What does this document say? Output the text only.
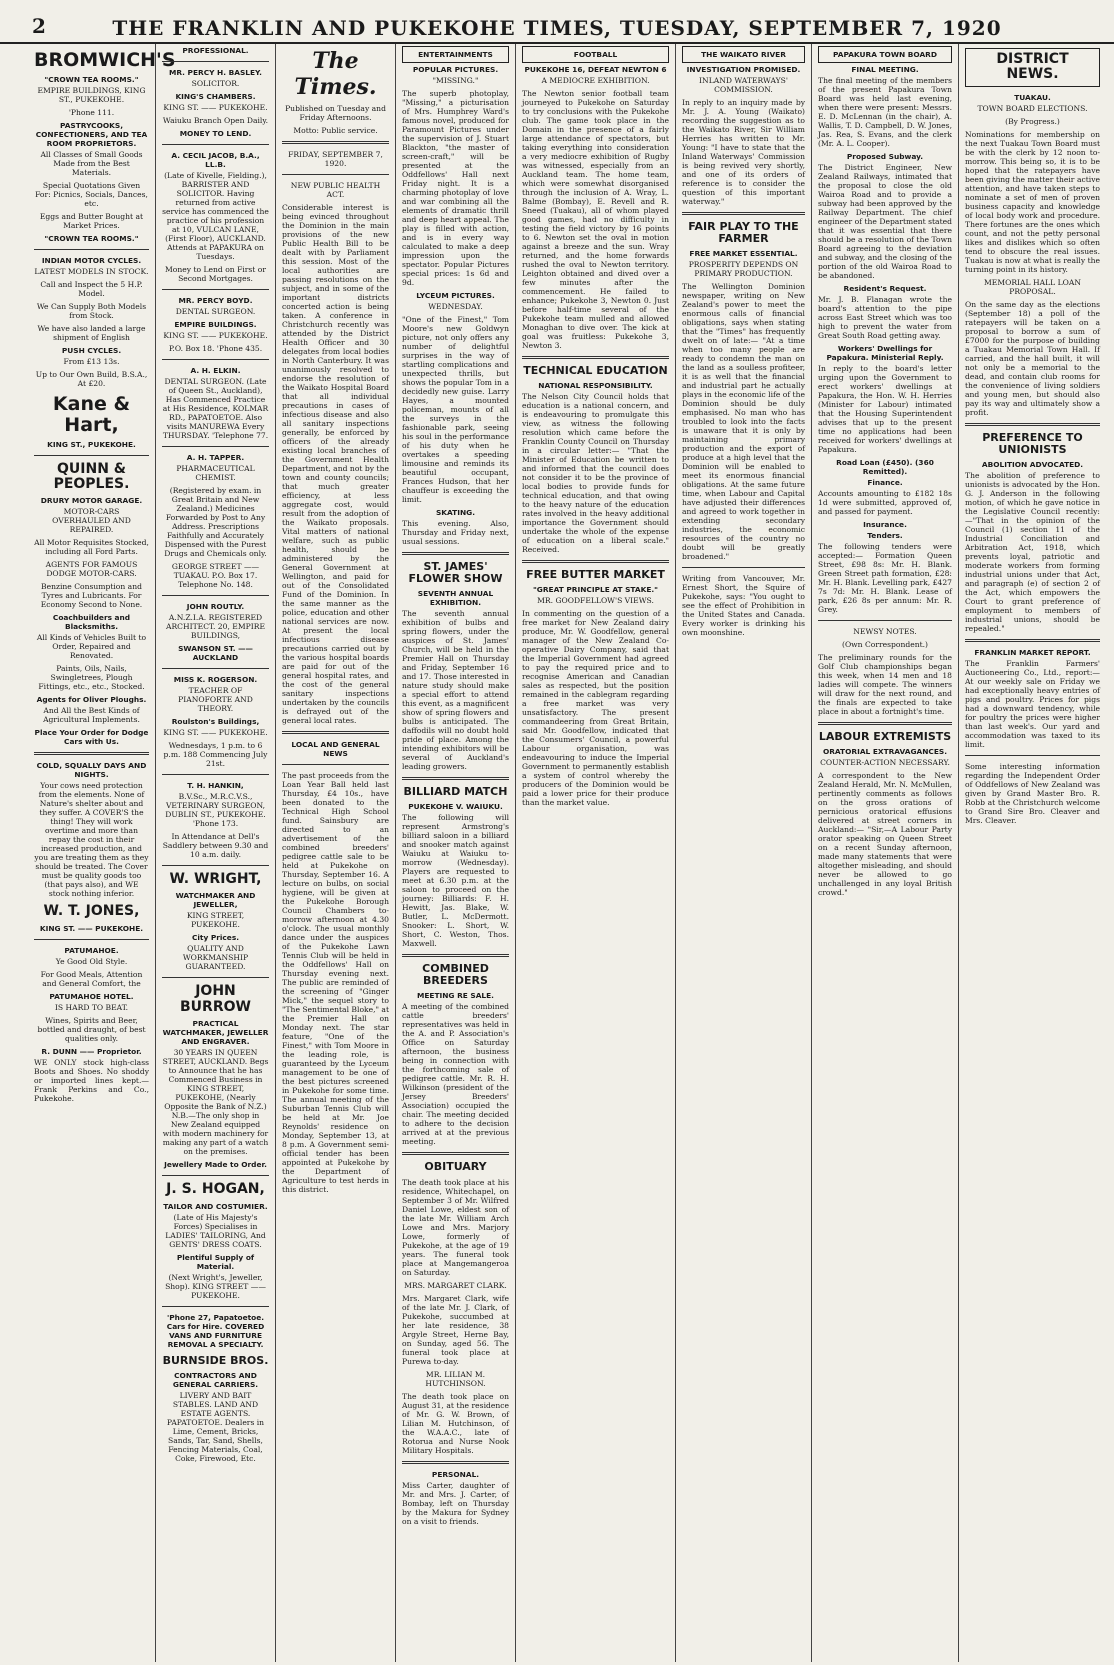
2	THE FRANKLIN AND PUKEKOHE TIMES, TUESDAY, SEPTEMBER 7, 1920
BROMWICH'S
"CROWN TEA ROOMS."

EMPIRE BUILDINGS, KING ST., PUKEKOHE.

'Phone 111.

PASTRYCOOKS, CONFECTIONERS, AND TEA ROOM PROPRIETORS.

All Classes of Small Goods Made from the Best Materials.

Special Quotations Given For: Picnics, Socials, Dances, etc.

Eggs and Butter Bought at Market Prices.

"CROWN TEA ROOMS."
INDIAN MOTOR CYCLES.

LATEST MODELS IN STOCK.

Call and Inspect the 5 H.P. Model.

We Can Supply Both Models from Stock.

We have also landed a large shipment of English

PUSH CYCLES.

From £13 13s.

Up to Our Own Build, B.S.A., At £20.

Kane & Hart,
KING ST., PUKEKOHE.
QUINN & PEOPLES.
DRURY MOTOR GARAGE.

MOTOR-CARS OVERHAULED AND REPAIRED.

All Motor Requisites Stocked, including all Ford Parts.

AGENTS FOR FAMOUS DODGE MOTOR-CARS.

Benzine Consumption and Tyres and Lubricants. For Economy Second to None.

Coachbuilders and Blacksmiths.

All Kinds of Vehicles Built to Order, Repaired and Renovated.

Paints, Oils, Nails, Swingletrees, Plough Fittings, etc., etc., Stocked.

Agents for Oliver Ploughs.

And All the Best Kinds of Agricultural Implements.

Place Your Order for Dodge Cars with Us.
COLD, SQUALLY DAYS AND NIGHTS.

Your cows need protection from the elements. None of Nature's shelter about and they suffer. A COVER'S the thing! They will work overtime and more than repay the cost in their increased production, and you are treating them as they should be treated. The Cover must be quality goods too (that pays also), and WE stock nothing inferior.

W. T. JONES,
KING ST. —— PUKEKOHE.
PATUMAHOE.

Ye Good Old Style.

For Good Meals, Attention and General Comfort, the

PATUMAHOE HOTEL.

IS HARD TO BEAT.

Wines, Spirits and Beer, bottled and draught, of best qualities only.

R. DUNN —— Proprietor.

WE ONLY stock high-class Boots and Shoes. No shoddy or imported lines kept.—Frank Perkins and Co., Pukekohe.

PROFESSIONAL.
MR. PERCY H. BASLEY.

SOLICITOR.

KING'S CHAMBERS.

KING ST. —— PUKEKOHE.

Waiuku Branch Open Daily.

MONEY TO LEND.
A. CECIL JACOB, B.A., LL.B.

(Late of Kivelle, Fielding.), BARRISTER AND SOLICITOR. Having returned from active service has commenced the practice of his profession at 10, VULCAN LANE, (First Floor), AUCKLAND. Attends at PAPAKURA on Tuesdays.

Money to Lend on First or Second Mortgages.

MR. PERCY BOYD.

DENTAL SURGEON.

EMPIRE BUILDINGS.

KING ST. —— PUKEKOHE.

P.O. Box 18. 'Phone 435.

A. H. ELKIN.

DENTAL SURGEON. (Late of Queen St., Auckland), Has Commenced Practice at His Residence, KOLMAR RD., PAPATOETOE. Also visits MANUREWA Every THURSDAY. 'Telephone 77.

A. H. TAPPER.

PHARMACEUTICAL CHEMIST.

(Registered by exam. in Great Britain and New Zealand.) Medicines Forwarded by Post to Any Address. Prescriptions Faithfully and Accurately Dispensed with the Purest Drugs and Chemicals only.

GEORGE STREET —— TUAKAU. P.O. Box 17. Telephone No. 148.

JOHN ROUTLY.

A.N.Z.I.A. REGISTERED ARCHITECT. 20, EMPIRE BUILDINGS,

SWANSON ST. —— AUCKLAND
MISS K. ROGERSON.

TEACHER OF PIANOFORTE AND THEORY.

Roulston's Buildings,

KING ST. —— PUKEKOHE.

Wednesdays, 1 p.m. to 6 p.m. 188 Commencing July 21st.

T. H. HANKIN,

B.V.Sc., M.R.C.V.S., VETERINARY SURGEON, DUBLIN ST., PUKEKOHE. 'Phone 173.

In Attendance at Dell's Saddlery between 9.30 and 10 a.m. daily.

W. WRIGHT,
WATCHMAKER AND JEWELLER,

KING STREET, PUKEKOHE.

City Prices.

QUALITY AND WORKMANSHIP GUARANTEED.

JOHN BURROW
PRACTICAL WATCHMAKER, JEWELLER AND ENGRAVER.

30 YEARS IN QUEEN STREET, AUCKLAND. Begs to Announce that he has Commenced Business in KING STREET, PUKEKOHE, (Nearly Opposite the Bank of N.Z.) N.B.—The only shop in New Zealand equipped with modern machinery for making any part of a watch on the premises.

Jewellery Made to Order.
J. S. HOGAN,
TAILOR AND COSTUMIER.

(Late of His Majesty's Forces) Specialises in LADIES' TAILORING, And GENTS' DRESS COATS.

Plentiful Supply of Material.

(Next Wright's, Jeweller, Shop). KING STREET —— PUKEKOHE.

'Phone 27, Papatoetoe. Cars for Hire. COVERED VANS AND FURNITURE REMOVAL A SPECIALTY.
BURNSIDE BROS.
CONTRACTORS AND GENERAL CARRIERS.

LIVERY AND BAIT STABLES. LAND AND ESTATE AGENTS. PAPATOETOE. Dealers in Lime, Cement, Bricks, Sands, Tar, Sand, Shells, Fencing Materials, Coal, Coke, Firewood, Etc.

The Times.

Published on Tuesday and Friday Afternoons.

Motto: Public service.

FRIDAY, SEPTEMBER 7, 1920.

NEW PUBLIC HEALTH ACT.

Considerable interest is being evinced throughout the Dominion in the main provisions of the new Public Health Bill to be dealt with by Parliament this session. Most of the local authorities are passing resolutions on the subject, and in some of the important districts concerted action is being taken. A conference in Christchurch recently was attended by the District Health Officer and 30 delegates from local bodies in North Canterbury. It was unanimously resolved to endorse the resolution of the Waikato Hospital Board that all individual precautions in cases of infectious disease and also all sanitary inspections generally, be enforced by officers of the already existing local branches of the Government Health Department, and not by the town and county councils; that much greater efficiency, at less aggregate cost, would result from the adoption of the Waikato proposals. Vital matters of national welfare, such as public health, should be administered by the General Government at Wellington, and paid for out of the Consolidated Fund of the Dominion. In the same manner as the police, education and other national services are now. At present the local infectious disease precautions carried out by the various hospital boards are paid for out of the general hospital rates, and the cost of the general sanitary inspections undertaken by the councils is defrayed out of the general local rates.

LOCAL AND GENERAL NEWS

The past proceeds from the Loan Year Ball held last Thursday, £4 10s., have been donated to the Technical High School fund. Sainsbury are directed to an advertisement of the combined breeders' pedigree cattle sale to be held at Pukekohe on Thursday, September 16. A lecture on bulbs, on social hygiene, will be given at the Pukekohe Borough Council Chambers to-morrow afternoon at 4.30 o'clock. The usual monthly dance under the auspices of the Pukekohe Lawn Tennis Club will be held in the Oddfellows' Hall on Thursday evening next. The public are reminded of the screening of "Ginger Mick," the sequel story to "The Sentimental Bloke," at the Premier Hall on Monday next. The star feature, "One of the Finest," with Tom Moore in the leading role, is guaranteed by the Lyceum management to be one of the best pictures screened in Pukekohe for some time. The annual meeting of the Suburban Tennis Club will be held at Mr. Joe Reynolds' residence on Monday, September 13, at 8 p.m. A Government semi-official tender has been appointed at Pukekohe by the Department of Agriculture to test herds in this district.

ENTERTAINMENTS
POPULAR PICTURES.

"MISSING."

The superb photoplay, "Missing," a picturisation of Mrs. Humphrey Ward's famous novel, produced for Paramount Pictures under the supervision of J. Stuart Blackton, "the master of screen-craft," will be presented at the Oddfellows' Hall next Friday night. It is a charming photoplay of love and war combining all the elements of dramatic thrill and deep heart appeal. The play is filled with action, and is in every way calculated to make a deep impression upon the spectator. Popular Pictures special prices: 1s 6d and 9d.

LYCEUM PICTURES.

WEDNESDAY.

"One of the Finest," Tom Moore's new Goldwyn picture, not only offers any number of delightful surprises in the way of startling complications and unexpected thrills, but shows the popular Tom in a decidedly new guise. Larry Hayes, a mounted policeman, mounts of all the surveys in the fashionable park, seeing his soul in the performance of his duty when he overtakes a speeding limousine and reminds its beautiful occupant, Frances Hudson, that her chauffeur is exceeding the limit.

SKATING.

This evening. Also, Thursday and Friday next, usual sessions.

ST. JAMES' FLOWER SHOW
SEVENTH ANNUAL EXHIBITION.

The seventh annual exhibition of bulbs and spring flowers, under the auspices of St. James' Church, will be held in the Premier Hall on Thursday and Friday, September 16 and 17. Those interested in nature study should make a special effort to attend this event, as a magnificent show of spring flowers and bulbs is anticipated. The daffodils will no doubt hold pride of place. Among the intending exhibitors will be several of Auckland's leading growers.

BILLIARD MATCH
PUKEKOHE V. WAIUKU.

The following will represent Armstrong's billiard saloon in a billiard and snooker match against Waiuku at Waiuku to-morrow (Wednesday). Players are requested to meet at 6.30 p.m. at the saloon to proceed on the journey: Billiards: F. H. Hewitt, Jas. Blake, W. Butler, L. McDermott. Snooker: L. Short, W. Short, C. Weston, Thos. Maxwell.

COMBINED BREEDERS
MEETING RE SALE.

A meeting of the combined cattle breeders' representatives was held in the A. and P. Association's Office on Saturday afternoon, the business being in connection with the forthcoming sale of pedigree cattle. Mr. R. H. Wilkinson (president of the Jersey Breeders' Association) occupied the chair. The meeting decided to adhere to the decision arrived at at the previous meeting.

OBITUARY

The death took place at his residence, Whitechapel, on September 3 of Mr. Wilfred Daniel Lowe, eldest son of the late Mr. William Arch Lowe and Mrs. Marjory Lowe, formerly of Pukekohe, at the age of 19 years. The funeral took place at Mangemangeroa on Saturday.

MRS. MARGARET CLARK.

Mrs. Margaret Clark, wife of the late Mr. J. Clark, of Pukekohe, succumbed at her late residence, 38 Argyle Street, Herne Bay, on Sunday, aged 56. The funeral took place at Purewa to-day.

MR. LILIAN M. HUTCHINSON.

The death took place on August 31, at the residence of Mr. G. W. Brown, of Lilian M. Hutchinson, of the W.A.A.C., late of Rotorua and Nurse Nook Military Hospitals.

PERSONAL.

Miss Carter, daughter of Mr. and Mrs. J. Carter, of Bombay, left on Thursday by the Makura for Sydney on a visit to friends.

FOOTBALL
PUKEKOHE 16, DEFEAT NEWTON 6

A MEDIOCRE EXHIBITION.

The Newton senior football team journeyed to Pukekohe on Saturday to try conclusions with the Pukekohe club. The game took place in the Domain in the presence of a fairly large attendance of spectators, but taking everything into consideration a very mediocre exhibition of Rugby was witnessed, especially from an Auckland team. The home team, which were somewhat disorganised through the inclusion of A. Wray, L. Balme (Bombay), E. Revell and R. Sneed (Tuakau), all of whom played good games, had no difficulty in testing the field victory by 16 points to 6. Newton set the oval in motion against a breeze and the sun. Wray returned, and the home forwards rushed the oval to Newton territory. Leighton obtained and dived over a few minutes after the commencement. He failed to enhance; Pukekohe 3, Newton 0. Just before half-time several of the Pukekohe team mulled and allowed Monaghan to dive over. The kick at goal was fruitless: Pukekohe 3, Newton 3.

TECHNICAL EDUCATION
NATIONAL RESPONSIBILITY.

The Nelson City Council holds that education is a national concern, and is endeavouring to promulgate this view, as witness the following resolution which came before the Franklin County Council on Thursday in a circular letter:— "That the Minister of Education be written to and informed that the council does not consider it to be the province of local bodies to provide funds for technical education, and that owing to the heavy nature of the education rates involved in the heavy additional importance the Government should undertake the whole of the expense of education on a liberal scale." Received.

FREE BUTTER MARKET
"GREAT PRINCIPLE AT STAKE."

MR. GOODFELLOW'S VIEWS.

In commenting on the question of a free market for New Zealand dairy produce, Mr. W. Goodfellow, general manager of the New Zealand Co-operative Dairy Company, said that the Imperial Government had agreed to pay the required price and to recognise American and Canadian sales as respected, but the position remained in the cablegram regarding a free market was very unsatisfactory. The present commandeering from Great Britain, said Mr. Goodfellow, indicated that the Consumers' Council, a powerful Labour organisation, was endeavouring to induce the Imperial Government to permanently establish a system of control whereby the producers of the Dominion would be paid a lower price for their produce than the market value.

THE WAIKATO RIVER
INVESTIGATION PROMISED.

INLAND WATERWAYS' COMMISSION.

In reply to an inquiry made by Mr. J. A. Young (Waikato) recording the suggestion as to the Waikato River, Sir William Herries has written to Mr. Young: "I have to state that the Inland Waterways' Commission is being revived very shortly, and one of its orders of reference is to consider the question of this important waterway."

FAIR PLAY TO THE FARMER
FREE MARKET ESSENTIAL.

PROSPERITY DEPENDS ON PRIMARY PRODUCTION.

The Wellington Dominion newspaper, writing on New Zealand's power to meet the enormous calls of financial obligations, says when stating that the "Times" has frequently dwelt on of late:— "At a time when too many people are ready to condemn the man on the land as a soulless profiteer, it is as well that the financial and industrial part he actually plays in the economic life of the Dominion should be duly emphasised. No man who has troubled to look into the facts is unaware that it is only by maintaining primary production and the export of produce at a high level that the Dominion will be enabled to meet its enormous financial obligations. At the same future time, when Labour and Capital have adjusted their differences and agreed to work together in extending secondary industries, the economic resources of the country no doubt will be greatly broadened."

Writing from Vancouver, Mr. Ernest Short, the Squire of Pukekohe, says: "You ought to see the effect of Prohibition in the United States and Canada. Every worker is drinking his own moonshine.

PAPAKURA TOWN BOARD
FINAL MEETING.

The final meeting of the members of the present Papakura Town Board was held last evening, when there were present: Messrs. E. D. McLennan (in the chair), A. Wallis, T. D. Campbell, D. W. Jones, Jas. Rea, S. Evans, and the clerk (Mr. A. L. Cooper).

Proposed Subway.

The District Engineer, New Zealand Railways, intimated that the proposal to close the old Wairoa Road and to provide a subway had been approved by the Railway Department. The chief engineer of the Department stated that it was essential that there should be a resolution of the Town Board agreeing to the deviation and subway, and the closing of the portion of the old Wairoa Road to be abandoned.

Resident's Request.

Mr. J. B. Flanagan wrote the board's attention to the pipe across East Street which was too high to prevent the water from Great South Road getting away.

Workers' Dwellings for Papakura. Ministerial Reply.

In reply to the board's letter urging upon the Government to erect workers' dwellings at Papakura, the Hon. W. H. Herries (Minister for Labour) intimated that the Housing Superintendent advises that up to the present time no applications had been received for workers' dwellings at Papakura.

Road Loan (£450). (360 Remitted).
Finance.

Accounts amounting to £182 18s 1d were submitted, approved of, and passed for payment.

Insurance.
Tenders.

The following tenders were accepted:— Formation Queen Street, £98 8s: Mr. H. Blank. Green Street path formation, £28: Mr. H. Blank. Levelling park, £427 7s 7d: Mr. H. Blank. Lease of park, £26 8s per annum: Mr. R. Grey.

NEWSY NOTES.

(Own Correspondent.)

The preliminary rounds for the Golf Club championships began this week, when 14 men and 18 ladies will compete. The winners will draw for the next round, and the finals are expected to take place in about a fortnight's time.

LABOUR EXTREMISTS
ORATORIAL EXTRAVAGANCES.

COUNTER-ACTION NECESSARY.

A correspondent to the New Zealand Herald, Mr. N. McMullen, pertinently comments as follows on the gross orations of pernicious oratorical effusions delivered at street corners in Auckland:— "Sir,—A Labour Party orator speaking on Queen Street on a recent Sunday afternoon, made many statements that were altogether misleading, and should never be allowed to go unchallenged in any loyal British crowd."

DISTRICT NEWS.
TUAKAU.

TOWN BOARD ELECTIONS.

(By Progress.)

Nominations for membership on the next Tuakau Town Board must be with the clerk by 12 noon to-morrow. This being so, it is to be hoped that the ratepayers have been giving the matter their active attention, and have taken steps to nominate a set of men of proven business capacity and knowledge of local body work and procedure. There fortunes are the ones which count, and not the petty personal likes and dislikes which so often tend to obscure the real issues. Tuakau is now at what is really the turning point in its history.

MEMORIAL HALL LOAN PROPOSAL.

On the same day as the elections (September 18) a poll of the ratepayers will be taken on a proposal to borrow a sum of £7000 for the purpose of building a Tuakau Memorial Town Hall. If carried, and the hall built, it will not only be a memorial to the dead, and contain club rooms for the convenience of living soldiers and young men, but should also pay its way and ultimately show a profit.

PREFERENCE TO UNIONISTS
ABOLITION ADVOCATED.

The abolition of preference to unionists is advocated by the Hon. G. J. Anderson in the following motion, of which he gave notice in the Legislative Council recently:—"That in the opinion of the Council (1) section 11 of the Industrial Conciliation and Arbitration Act, 1918, which prevents loyal, patriotic and moderate workers from forming industrial unions under that Act, and paragraph (e) of section 2 of the Act, which empowers the Court to grant preference of employment to members of industrial unions, should be repealed."

FRANKLIN MARKET REPORT.

The Franklin Farmers' Auctioneering Co., Ltd., report:— At our weekly sale on Friday we had exceptionally heavy entries of pigs and poultry. Prices for pigs had a downward tendency, while for poultry the prices were higher than last week's. Our yard and accommodation was taxed to its limit.

Some interesting information regarding the Independent Order of Oddfellows of New Zealand was given by Grand Master Bro. R. Robb at the Christchurch welcome to Grand Sire Bro. Cleaver and Mrs. Cleaver.
